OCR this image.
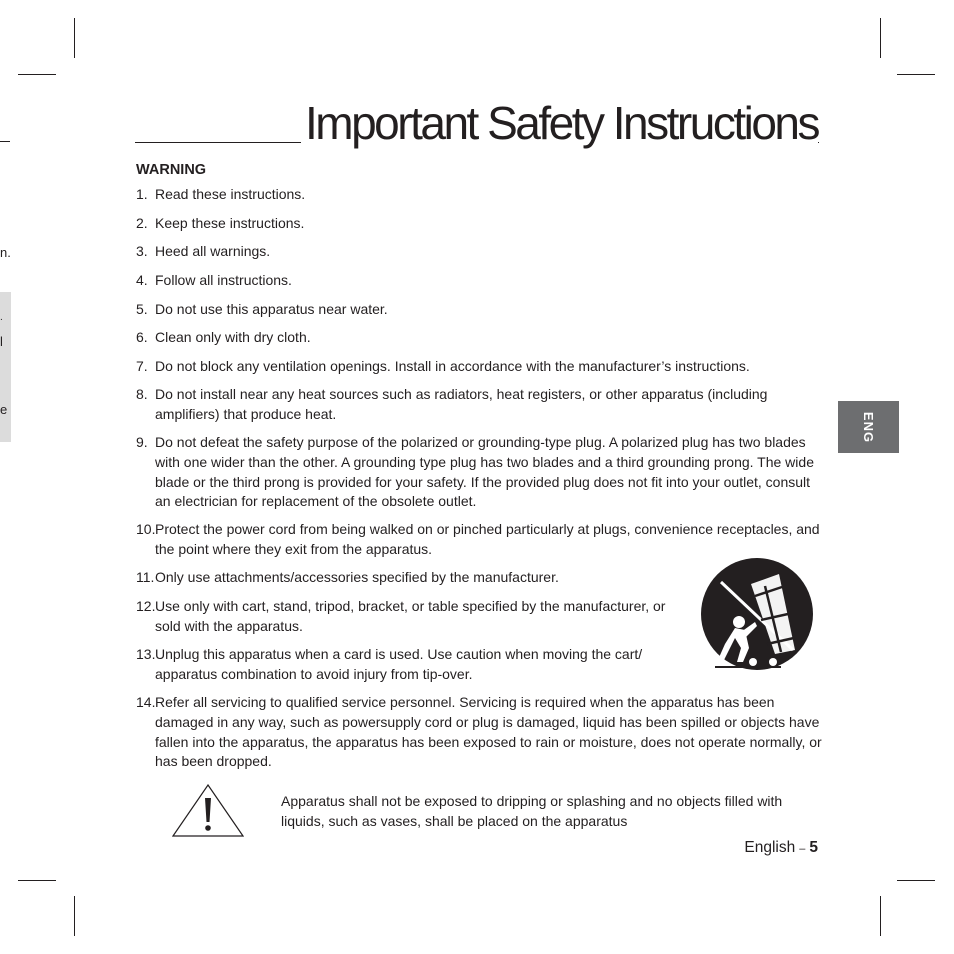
n.
.
l
e
ENG
Important Safety Instructions
WARNING
1. Read these instructions.
2. Keep these instructions.
3. Heed all warnings.
4. Follow all instructions.
5. Do not use this apparatus near water.
6. Clean only with dry cloth.
7. Do not block any ventilation openings. Install in accordance with the manufacturer’s instructions.
8. Do not install near any heat sources such as radiators, heat registers, or other apparatus (including
amplifiers) that produce heat.
9. Do not defeat the safety purpose of the polarized or grounding-type plug. A polarized plug has two blades
with one wider than the other. A grounding type plug has two blades and a third grounding prong. The wide
blade or the third prong is provided for your safety. If the provided plug does not fit into your outlet, consult
an electrician for replacement of the obsolete outlet.
10. Protect the power cord from being walked on or pinched particularly at plugs, convenience receptacles, and
the point where they exit from the apparatus.
11. Only use attachments/accessories specified by the manufacturer.
12. Use only with cart, stand, tripod, bracket, or table specified by the manufacturer, or
sold with the apparatus.
13. Unplug this apparatus when a card is used. Use caution when moving the cart/
apparatus combination to avoid injury from tip-over.
14. Refer all servicing to qualified service personnel. Servicing is required when the apparatus has been
damaged in any way, such as powersupply cord or plug is damaged, liquid has been spilled or objects have
fallen into the apparatus, the apparatus has been exposed to rain or moisture, does not operate normally, or
has been dropped.
Apparatus shall not be exposed to dripping or splashing and no objects filled with
liquids, such as vases, shall be placed on the apparatus
English – 5
